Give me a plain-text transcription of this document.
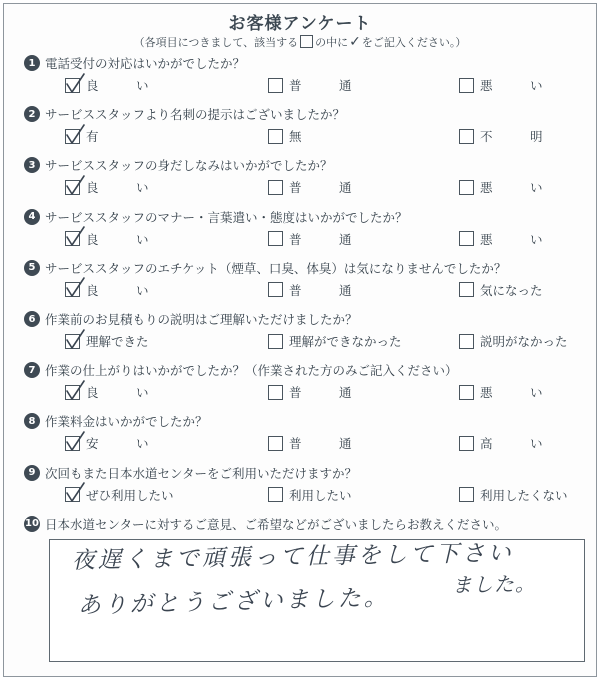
お客様アンケート
（各項目につきまして、該当する の中に✓をご記入ください。）
1 電話受付の対応はいかがでしたか？
良　　　い	普　　　通	悪　　　い
2 サービススタッフより名刺の提示はございましたか？
有	無	不　　　明
3 サービススタッフの身だしなみはいかがでしたか？
良　　　い	普　　　通	悪　　　い
4 サービススタッフのマナー・言葉遣い・態度はいかがでしたか？
良　　　い	普　　　通	悪　　　い
5 サービススタッフのエチケット（煙草、口臭、体臭）は気になりませんでしたか？
良　　　い	普　　　通	気になった
6 作業前のお見積もりの説明はご理解いただけましたか？
理解できた	理解ができなかった	説明がなかった
7 作業の仕上がりはいかがでしたか？（作業された方のみご記入ください）
良　　　い	普　　　通	悪　　　い
8 作業料金はいかがでしたか？
安　　　い	普　　　通	高　　　い
9 次回もまた日本水道センターをご利用いただけますか？
ぜひ利用したい	利用したい	利用したくない
10 日本水道センターに対するご意見、ご希望などがございましたらお教えください。
夜遅くまで頑張って仕事をして下さい
ました。
ありがとうございました。
